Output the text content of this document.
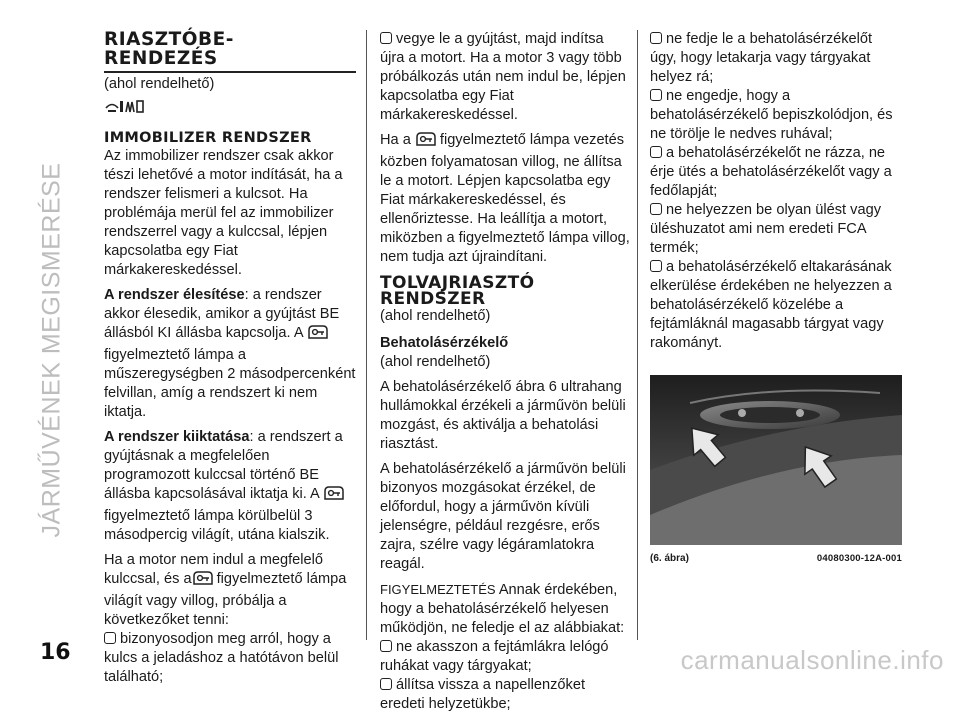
JÁRMŰVÉNEK MEGISMERÉSE
16	carmanualsonline.info
RIASZTÓBE-
RENDEZÉS
(ahol rendelhető)
IMMOBILIZER RENDSZER

Az immobilizer rendszer csak akkor tészi lehetővé a motor indítását, ha a rendszer felismeri a kulcsot. Ha problémája merül fel az immobilizer rendszerrel vagy a kulccsal, lépjen kapcsolatba egy Fiat márkakereskedéssel.

A rendszer élesítése: a rendszer akkor élesedik, amikor a gyújtást BE állásból KI állásba kapcsolja. A figyelmeztető lámpa a műszeregységben 2 másodpercenként felvillan, amíg a rendszert ki nem iktatja.

A rendszer kiiktatása: a rendszert a gyújtásnak a megfelelően programozott kulccsal történő BE állásba kapcsolásával iktatja ki. A figyelmeztető lámpa körülbelül 3 másodpercig világít, utána kialszik.

Ha a motor nem indul a megfelelő kulccsal, és a figyelmeztető lámpa világít vagy villog, próbálja a következőket tenni:

bizonyosodjon meg arról, hogy a kulcs a jeladáshoz a hatótávon belül található;

vegye le a gyújtást, majd indítsa újra a motort. Ha a motor 3 vagy több próbálkozás után nem indul be, lépjen kapcsolatba egy Fiat márkakereskedéssel.

Ha a figyelmeztető lámpa vezetés közben folyamatosan villog, ne állítsa le a motort. Lépjen kapcsolatba egy Fiat márkakereskedéssel, és ellenőriztesse. Ha leállítja a motort, miközben a figyelmeztető lámpa villog, nem tudja azt újraindítani.

TOLVAJRIASZTÓ
RENDSZER

(ahol rendelhető)

Behatolásérzékelő

(ahol rendelhető)

A behatolásérzékelő ábra 6 ultrahang hullámokkal érzékeli a járművön belüli mozgást, és aktiválja a behatolási riasztást.

A behatolásérzékelő a járművön belüli bizonyos mozgásokat érzékel, de előfordul, hogy a járművön kívüli jelenségre, például rezgésre, erős zajra, szélre vagy légáramlatokra reagál.

FIGYELMEZTETÉS Annak érdekében, hogy a behatolásérzékelő helyesen működjön, ne feledje el az alábbiakat:

ne akasszon a fejtámlákra lelógó ruhákat vagy tárgyakat;

állítsa vissza a napellenzőket eredeti helyzetükbe;

ne fedje le a behatolásérzékelőt úgy, hogy letakarja vagy tárgyakat helyez rá;

ne engedje, hogy a behatolásérzékelő bepiszkolódjon, és ne törölje le nedves ruhával;

a behatolásérzékelőt ne rázza, ne érje ütés a behatolásérzékelőt vagy a fedőlapját;

ne helyezzen be olyan ülést vagy üléshuzatot ami nem eredeti FCA termék;

a behatolásérzékelő eltakarásának elkerülése érdekében ne helyezzen a behatolásérzékelő közelébe a fejtámláknál magasabb tárgyat vagy rakományt.

(6. ábra)	04080300-12A-001
